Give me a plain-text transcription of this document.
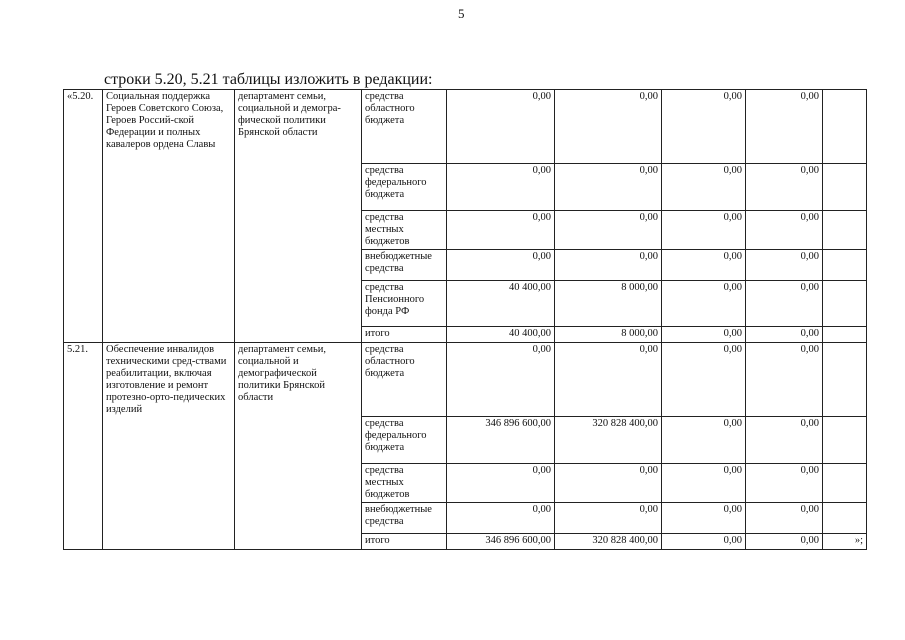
5
строки 5.20, 5.21 таблицы изложить в редакции:
«5.20.	Социальная поддержка Героев Советского Союза, Героев Россий-ской Федерации и полных кавалеров ордена Славы	департамент семьи, социальной и демогра-фической политики Брянской области	средства областного бюджета	0,00	0,00	0,00	0,00	
			средства федерального бюджета	0,00	0,00	0,00	0,00	
			средства местных бюджетов	0,00	0,00	0,00	0,00	
			внебюджетные средства	0,00	0,00	0,00	0,00	
			средства Пенсионного фонда РФ	40 400,00	8 000,00	0,00	0,00	
			итого	40 400,00	8 000,00	0,00	0,00	
5.21.	Обеспечение инвалидов техническими сред-ствами реабилитации, включая изготовление и ремонт протезно-орто-педических изделий	департамент семьи, социальной и демографической политики Брянской области	средства областного бюджета	0,00	0,00	0,00	0,00	
			средства федерального бюджета	346 896 600,00	320 828 400,00	0,00	0,00	
			средства местных бюджетов	0,00	0,00	0,00	0,00	
			внебюджетные средства	0,00	0,00	0,00	0,00	
			итого	346 896 600,00	320 828 400,00	0,00	0,00	»;
